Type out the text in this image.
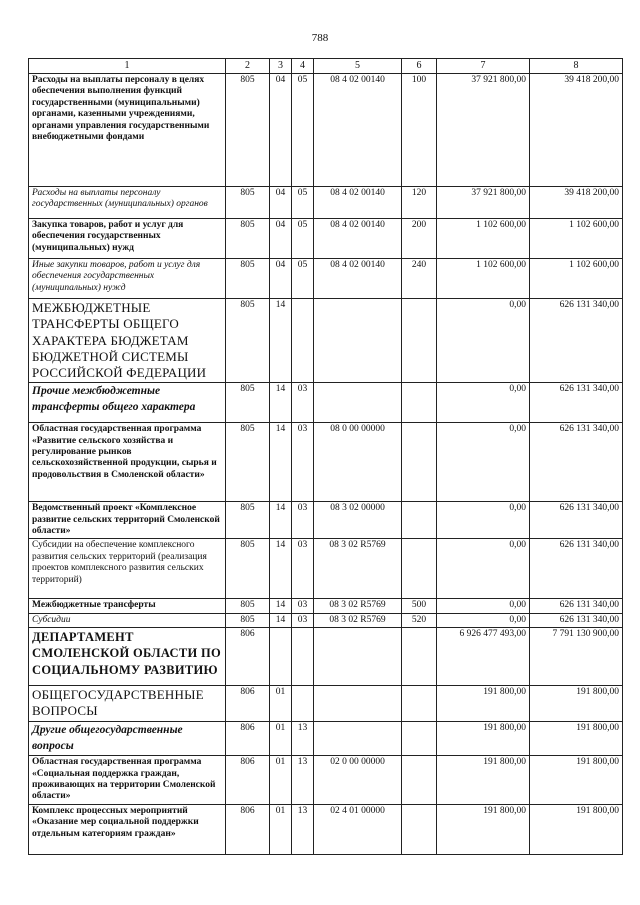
788
1	2	3	4	5	6	7	8
Расходы на выплаты персоналу в целях обеспечения выполнения функций государственными (муниципальными) органами, казенными учреждениями, органами управления государственными внебюджетными фондами	805	04	05	08 4 02 00140	100	37 921 800,00	39 418 200,00
Расходы на выплаты персоналу государственных (муниципальных) органов	805	04	05	08 4 02 00140	120	37 921 800,00	39 418 200,00
Закупка товаров, работ и услуг для обеспечения государственных (муниципальных) нужд	805	04	05	08 4 02 00140	200	1 102 600,00	1 102 600,00
Иные закупки товаров, работ и услуг для обеспечения государственных (муниципальных) нужд	805	04	05	08 4 02 00140	240	1 102 600,00	1 102 600,00
МЕЖБЮДЖЕТНЫЕ ТРАНСФЕРТЫ ОБЩЕГО ХАРАКТЕРА БЮДЖЕТАМ БЮДЖЕТНОЙ СИСТЕМЫ РОССИЙСКОЙ ФЕДЕРАЦИИ	805	14				0,00	626 131 340,00
Прочие межбюджетные трансферты общего характера	805	14	03			0,00	626 131 340,00
Областная государственная программа «Развитие сельского хозяйства и регулирование рынков сельскохозяйственной продукции, сырья и продовольствия в Смоленской области»	805	14	03	08 0 00 00000		0,00	626 131 340,00
Ведомственный проект «Комплексное развитие сельских территорий Смоленской области»	805	14	03	08 3 02 00000		0,00	626 131 340,00
Субсидии на обеспечение комплексного развития сельских территорий (реализация проектов комплексного развития сельских территорий)	805	14	03	08 3 02 R5769		0,00	626 131 340,00
Межбюджетные трансферты	805	14	03	08 3 02 R5769	500	0,00	626 131 340,00
Субсидии	805	14	03	08 3 02 R5769	520	0,00	626 131 340,00
ДЕПАРТАМЕНТ СМОЛЕНСКОЙ ОБЛАСТИ ПО СОЦИАЛЬНОМУ РАЗВИТИЮ	806					6 926 477 493,00	7 791 130 900,00
ОБЩЕГОСУДАРСТВЕННЫЕ ВОПРОСЫ	806	01				191 800,00	191 800,00
Другие общегосударственные вопросы	806	01	13			191 800,00	191 800,00
Областная государственная программа «Социальная поддержка граждан, проживающих на территории Смоленской области»	806	01	13	02 0 00 00000		191 800,00	191 800,00
Комплекс процессных мероприятий «Оказание мер социальной поддержки отдельным категориям граждан»	806	01	13	02 4 01 00000		191 800,00	191 800,00
